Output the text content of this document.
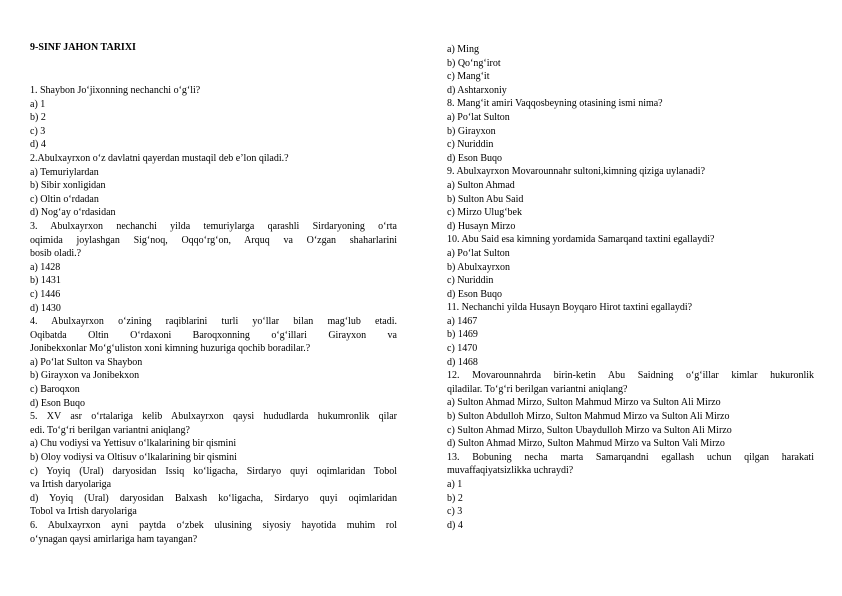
9-SINF JAHON TARIXI
1. Shaybon Jo‘jixonning nechanchi o‘g‘li?
a) 1
b) 2
c) 3
d) 4
2.Abulxayrxon o‘z davlatni qayerdan mustaqil deb e’lon qiladi.?
a) Temuriylardan
b) Sibir xonligidan
c) Oltin o‘rdadan
d) Nog‘ay o‘rdasidan
3. Abulxayrxon nechanchi yilda temuriylarga qarashli Sirdaryoning o‘rta
oqimida joylashgan Sig‘noq, Oqqo‘rg‘on, Arquq va O‘zgan shaharlarini
bosib oladi.?
a) 1428
b) 1431
c) 1446
d) 1430
4. Abulxayrxon o‘zining raqiblarini turli yo‘llar bilan mag‘lub etadi.
Oqibatda Oltin O‘rdaxoni Baroqxonning o‘g‘illari Girayxon va
Jonibekxonlar Mo‘g‘uliston xoni kimning huzuriga qochib boradilar.?
a) Po‘lat Sulton va Shaybon
b) Girayxon va Jonibekxon
c) Baroqxon
d) Eson Buqo
5. XV asr o‘rtalariga kelib Abulxayrxon qaysi hududlarda hukumronlik qilar
edi. To‘g‘ri berilgan variantni aniqlang?
a) Chu vodiysi va Yettisuv o‘lkalarining bir qismini
b) Oloy vodiysi va Oltisuv o‘lkalarining bir qismini
c) Yoyiq (Ural) daryosidan Issiq ko‘ligacha, Sirdaryo quyi oqimlaridan Tobol
va Irtish daryolariga
d) Yoyiq (Ural) daryosidan Balxash ko‘ligacha, Sirdaryo quyi oqimlaridan
Tobol va Irtish daryolariga
6. Abulxayrxon ayni paytda o‘zbek ulusining siyosiy hayotida muhim rol
o‘ynagan qaysi amirlariga ham tayangan?
a) Ming
b) Qo‘ng‘irot
c) Mang‘it
d) Ashtarxoniy
8. Mang‘it amiri Vaqqosbeyning otasining ismi nima?
a) Po‘lat Sulton
b) Girayxon
c) Nuriddin
d) Eson Buqo
9. Abulxayrxon Movarounnahr sultoni,kimning qiziga uylanadi?
a) Sulton Ahmad
b) Sulton Abu Said
c) Mirzo Ulug‘bek
d) Husayn Mirzo
10. Abu Said esa kimning yordamida Samarqand taxtini egallaydi?
a) Po‘lat Sulton
b) Abulxayrxon
c) Nuriddin
d) Eson Buqo
11. Nechanchi yilda Husayn Boyqaro Hirot taxtini egallaydi?
a) 1467
b) 1469
c) 1470
d) 1468
12. Movarounnahrda birin-ketin Abu Saidning o‘g‘illar kimlar hukuronlik
qiladilar. To‘g‘ri berilgan variantni aniqlang?
a) Sulton Ahmad Mirzo, Sulton Mahmud Mirzo va Sulton Ali Mirzo
b) Sulton Abdulloh Mirzo, Sulton Mahmud Mirzo va Sulton Ali Mirzo
c) Sulton Ahmad Mirzo, Sulton Ubaydulloh Mirzo va Sulton Ali Mirzo
d) Sulton Ahmad Mirzo, Sulton Mahmud Mirzo va Sulton Vali Mirzo
13. Bobuning necha marta Samarqandni egallash uchun qilgan harakati
muvaffaqiyatsizlikka uchraydi?
a) 1
b) 2
c) 3
d) 4
